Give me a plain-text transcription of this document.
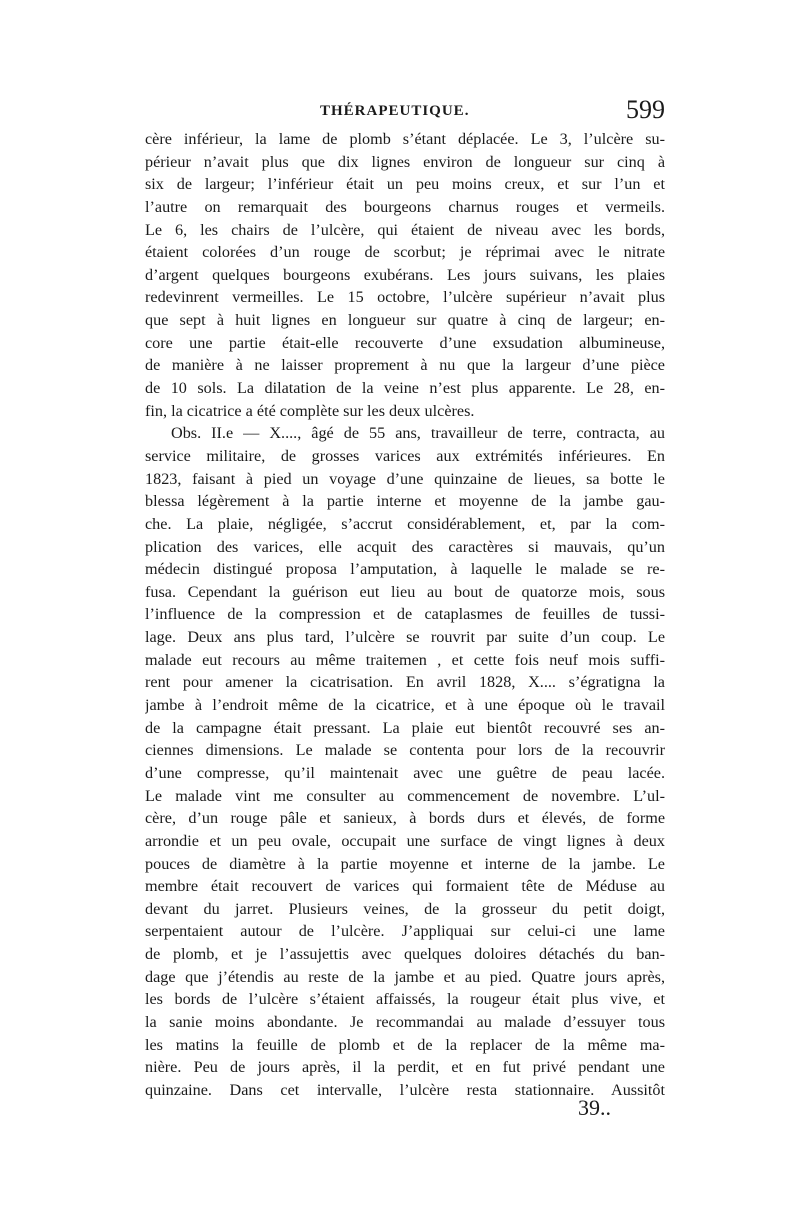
THÉRAPEUTIQUE.	599
cère inférieur, la lame de plomb s’étant déplacée. Le 3, l’ulcère su-
périeur n’avait plus que dix lignes environ de longueur sur cinq à
six de largeur; l’inférieur était un peu moins creux, et sur l’un et
l’autre on remarquait des bourgeons charnus rouges et vermeils.
Le 6, les chairs de l’ulcère, qui étaient de niveau avec les bords,
étaient colorées d’un rouge de scorbut; je réprimai avec le nitrate
d’argent quelques bourgeons exubérans. Les jours suivans, les plaies
redevinrent vermeilles. Le 15 octobre, l’ulcère supérieur n’avait plus
que sept à huit lignes en longueur sur quatre à cinq de largeur; en-
core une partie était-elle recouverte d’une exsudation albumineuse,
de manière à ne laisser proprement à nu que la largeur d’une pièce
de 10 sols. La dilatation de la veine n’est plus apparente. Le 28, en-
fin, la cicatrice a été complète sur les deux ulcères.
Obs. II.e — X...., âgé de 55 ans, travailleur de terre, contracta, au
service militaire, de grosses varices aux extrémités inférieures. En
1823, faisant à pied un voyage d’une quinzaine de lieues, sa botte le
blessa légèrement à la partie interne et moyenne de la jambe gau-
che. La plaie, négligée, s’accrut considérablement, et, par la com-
plication des varices, elle acquit des caractères si mauvais, qu’un
médecin distingué proposa l’amputation, à laquelle le malade se re-
fusa. Cependant la guérison eut lieu au bout de quatorze mois, sous
l’influence de la compression et de cataplasmes de feuilles de tussi-
lage. Deux ans plus tard, l’ulcère se rouvrit par suite d’un coup. Le
malade eut recours au même traitemen , et cette fois neuf mois suffi-
rent pour amener la cicatrisation. En avril 1828, X.... s’égratigna la
jambe à l’endroit même de la cicatrice, et à une époque où le travail
de la campagne était pressant. La plaie eut bientôt recouvré ses an-
ciennes dimensions. Le malade se contenta pour lors de la recouvrir
d’une compresse, qu’il maintenait avec une guêtre de peau lacée.
Le malade vint me consulter au commencement de novembre. L’ul-
cère, d’un rouge pâle et sanieux, à bords durs et élevés, de forme
arrondie et un peu ovale, occupait une surface de vingt lignes à deux
pouces de diamètre à la partie moyenne et interne de la jambe. Le
membre était recouvert de varices qui formaient tête de Méduse au
devant du jarret. Plusieurs veines, de la grosseur du petit doigt,
serpentaient autour de l’ulcère. J’appliquai sur celui-ci une lame
de plomb, et je l’assujettis avec quelques doloires détachés du ban-
dage que j’étendis au reste de la jambe et au pied. Quatre jours après,
les bords de l’ulcère s’étaient affaissés, la rougeur était plus vive, et
la sanie moins abondante. Je recommandai au malade d’essuyer tous
les matins la feuille de plomb et de la replacer de la même ma-
nière. Peu de jours après, il la perdit, et en fut privé pendant une
quinzaine. Dans cet intervalle, l’ulcère resta stationnaire. Aussitôt
39..
